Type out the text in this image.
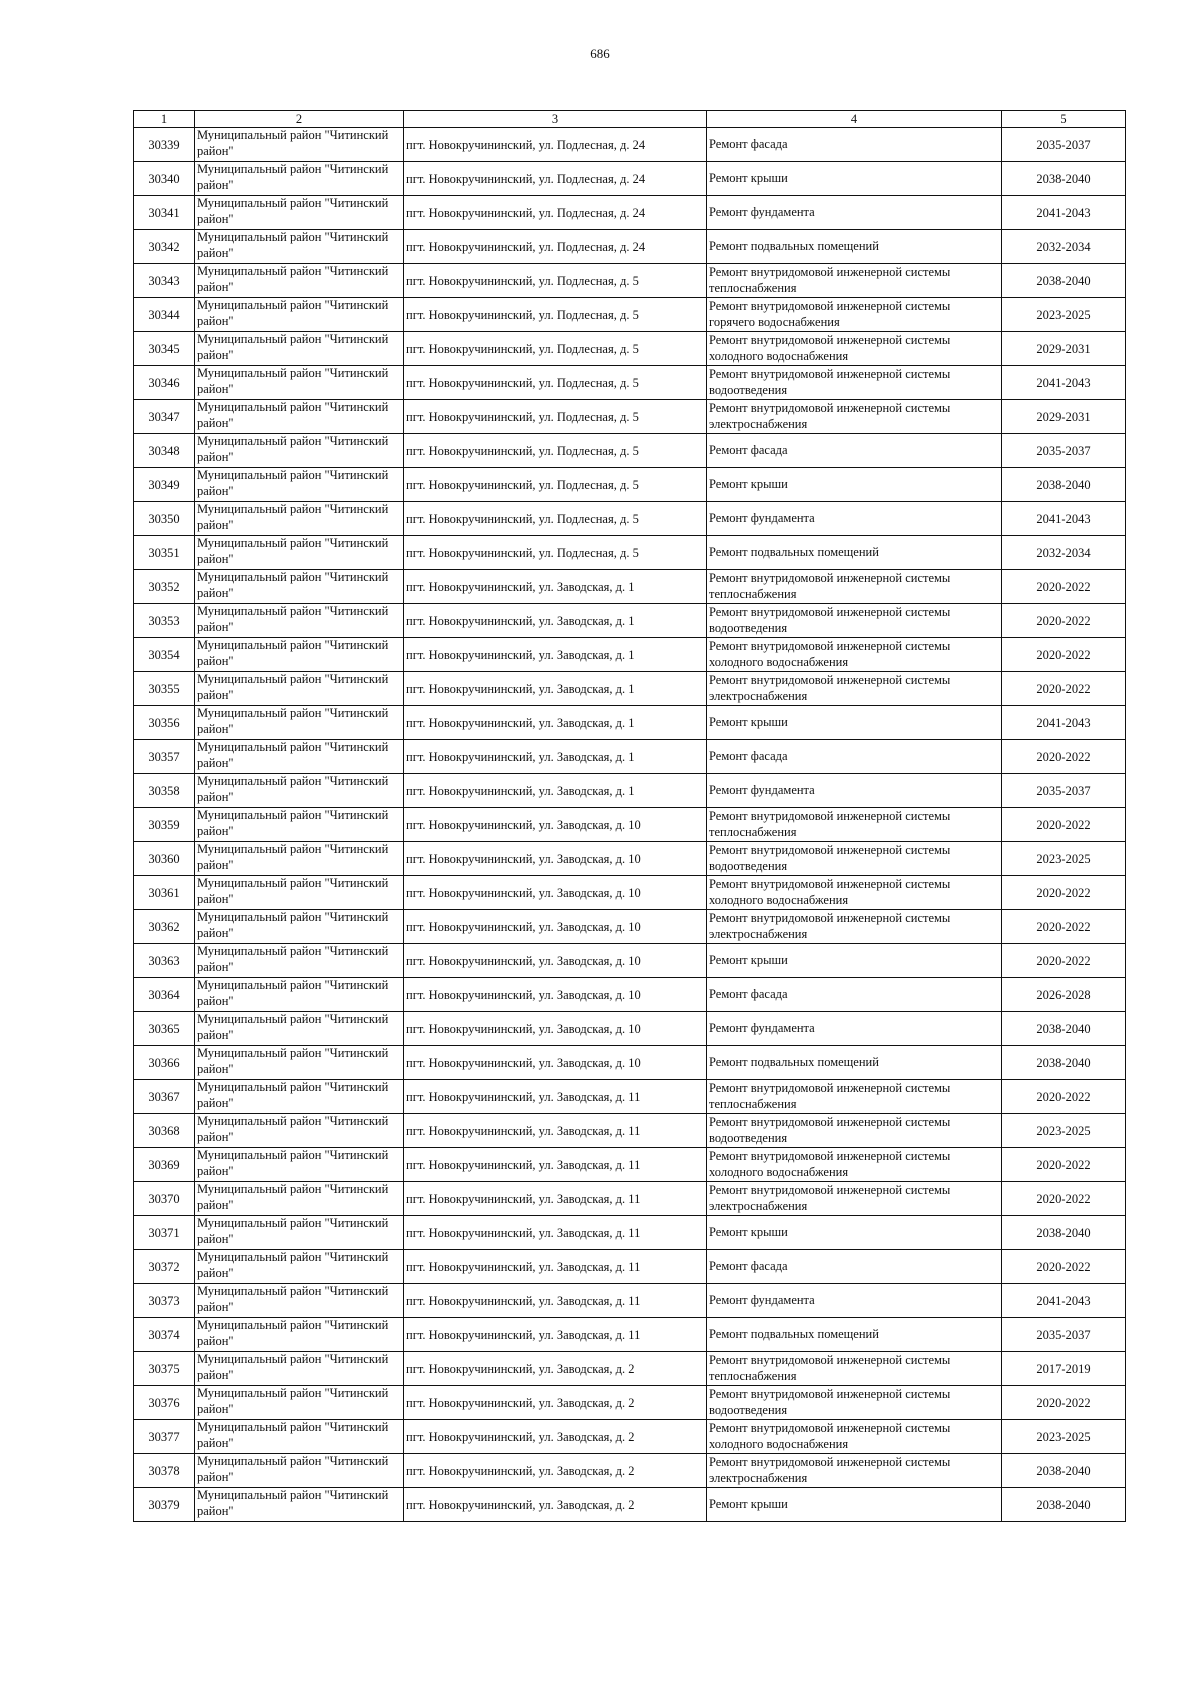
686
1	2	3	4	5
30339	Муниципальный район "Читинский район"	пгт. Новокручининский, ул. Подлесная, д. 24	Ремонт фасада	2035-2037
30340	Муниципальный район "Читинский район"	пгт. Новокручининский, ул. Подлесная, д. 24	Ремонт крыши	2038-2040
30341	Муниципальный район "Читинский район"	пгт. Новокручининский, ул. Подлесная, д. 24	Ремонт фундамента	2041-2043
30342	Муниципальный район "Читинский район"	пгт. Новокручининский, ул. Подлесная, д. 24	Ремонт подвальных помещений	2032-2034
30343	Муниципальный район "Читинский район"	пгт. Новокручининский, ул. Подлесная, д. 5	Ремонт внутридомовой инженерной системы теплоснабжения	2038-2040
30344	Муниципальный район "Читинский район"	пгт. Новокручининский, ул. Подлесная, д. 5	Ремонт внутридомовой инженерной системы горячего водоснабжения	2023-2025
30345	Муниципальный район "Читинский район"	пгт. Новокручининский, ул. Подлесная, д. 5	Ремонт внутридомовой инженерной системы холодного водоснабжения	2029-2031
30346	Муниципальный район "Читинский район"	пгт. Новокручининский, ул. Подлесная, д. 5	Ремонт внутридомовой инженерной системы водоотведения	2041-2043
30347	Муниципальный район "Читинский район"	пгт. Новокручининский, ул. Подлесная, д. 5	Ремонт внутридомовой инженерной системы электроснабжения	2029-2031
30348	Муниципальный район "Читинский район"	пгт. Новокручининский, ул. Подлесная, д. 5	Ремонт фасада	2035-2037
30349	Муниципальный район "Читинский район"	пгт. Новокручининский, ул. Подлесная, д. 5	Ремонт крыши	2038-2040
30350	Муниципальный район "Читинский район"	пгт. Новокручининский, ул. Подлесная, д. 5	Ремонт фундамента	2041-2043
30351	Муниципальный район "Читинский район"	пгт. Новокручининский, ул. Подлесная, д. 5	Ремонт подвальных помещений	2032-2034
30352	Муниципальный район "Читинский район"	пгт. Новокручининский, ул. Заводская, д. 1	Ремонт внутридомовой инженерной системы теплоснабжения	2020-2022
30353	Муниципальный район "Читинский район"	пгт. Новокручининский, ул. Заводская, д. 1	Ремонт внутридомовой инженерной системы водоотведения	2020-2022
30354	Муниципальный район "Читинский район"	пгт. Новокручининский, ул. Заводская, д. 1	Ремонт внутридомовой инженерной системы холодного водоснабжения	2020-2022
30355	Муниципальный район "Читинский район"	пгт. Новокручининский, ул. Заводская, д. 1	Ремонт внутридомовой инженерной системы электроснабжения	2020-2022
30356	Муниципальный район "Читинский район"	пгт. Новокручининский, ул. Заводская, д. 1	Ремонт крыши	2041-2043
30357	Муниципальный район "Читинский район"	пгт. Новокручининский, ул. Заводская, д. 1	Ремонт фасада	2020-2022
30358	Муниципальный район "Читинский район"	пгт. Новокручининский, ул. Заводская, д. 1	Ремонт фундамента	2035-2037
30359	Муниципальный район "Читинский район"	пгт. Новокручининский, ул. Заводская, д. 10	Ремонт внутридомовой инженерной системы теплоснабжения	2020-2022
30360	Муниципальный район "Читинский район"	пгт. Новокручининский, ул. Заводская, д. 10	Ремонт внутридомовой инженерной системы водоотведения	2023-2025
30361	Муниципальный район "Читинский район"	пгт. Новокручининский, ул. Заводская, д. 10	Ремонт внутридомовой инженерной системы холодного водоснабжения	2020-2022
30362	Муниципальный район "Читинский район"	пгт. Новокручининский, ул. Заводская, д. 10	Ремонт внутридомовой инженерной системы электроснабжения	2020-2022
30363	Муниципальный район "Читинский район"	пгт. Новокручининский, ул. Заводская, д. 10	Ремонт крыши	2020-2022
30364	Муниципальный район "Читинский район"	пгт. Новокручининский, ул. Заводская, д. 10	Ремонт фасада	2026-2028
30365	Муниципальный район "Читинский район"	пгт. Новокручининский, ул. Заводская, д. 10	Ремонт фундамента	2038-2040
30366	Муниципальный район "Читинский район"	пгт. Новокручининский, ул. Заводская, д. 10	Ремонт подвальных помещений	2038-2040
30367	Муниципальный район "Читинский район"	пгт. Новокручининский, ул. Заводская, д. 11	Ремонт внутридомовой инженерной системы теплоснабжения	2020-2022
30368	Муниципальный район "Читинский район"	пгт. Новокручининский, ул. Заводская, д. 11	Ремонт внутридомовой инженерной системы водоотведения	2023-2025
30369	Муниципальный район "Читинский район"	пгт. Новокручининский, ул. Заводская, д. 11	Ремонт внутридомовой инженерной системы холодного водоснабжения	2020-2022
30370	Муниципальный район "Читинский район"	пгт. Новокручининский, ул. Заводская, д. 11	Ремонт внутридомовой инженерной системы электроснабжения	2020-2022
30371	Муниципальный район "Читинский район"	пгт. Новокручининский, ул. Заводская, д. 11	Ремонт крыши	2038-2040
30372	Муниципальный район "Читинский район"	пгт. Новокручининский, ул. Заводская, д. 11	Ремонт фасада	2020-2022
30373	Муниципальный район "Читинский район"	пгт. Новокручининский, ул. Заводская, д. 11	Ремонт фундамента	2041-2043
30374	Муниципальный район "Читинский район"	пгт. Новокручининский, ул. Заводская, д. 11	Ремонт подвальных помещений	2035-2037
30375	Муниципальный район "Читинский район"	пгт. Новокручининский, ул. Заводская, д. 2	Ремонт внутридомовой инженерной системы теплоснабжения	2017-2019
30376	Муниципальный район "Читинский район"	пгт. Новокручининский, ул. Заводская, д. 2	Ремонт внутридомовой инженерной системы водоотведения	2020-2022
30377	Муниципальный район "Читинский район"	пгт. Новокручининский, ул. Заводская, д. 2	Ремонт внутридомовой инженерной системы холодного водоснабжения	2023-2025
30378	Муниципальный район "Читинский район"	пгт. Новокручининский, ул. Заводская, д. 2	Ремонт внутридомовой инженерной системы электроснабжения	2038-2040
30379	Муниципальный район "Читинский район"	пгт. Новокручининский, ул. Заводская, д. 2	Ремонт крыши	2038-2040
